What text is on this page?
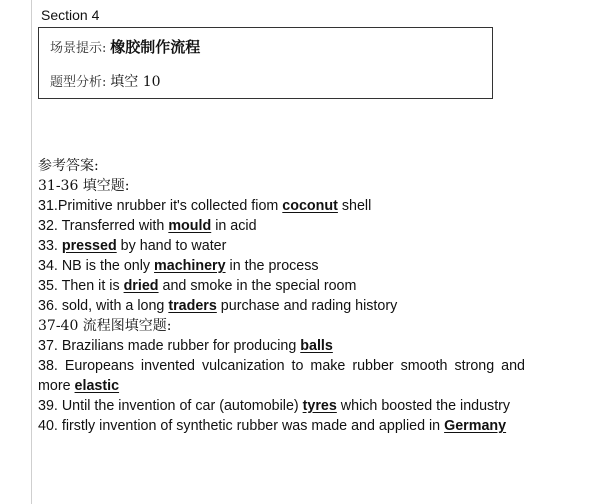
Section 4
场景提示: 橡胶制作流程
题型分析: 填空 10
参考答案:
31-36 填空题:
31.Primitive nrubber it's collected fiom coconut shell
32. Transferred with mould in acid
33. pressed by hand to water
34. NB is the only machinery in the process
35. Then it is dried and smoke in the special room
36. sold, with a long traders purchase and rading history
37-40 流程图填空题:
37. Brazilians made rubber for producing balls
38. Europeans invented vulcanization to make rubber smooth strong and more elastic
39. Until the invention of car (automobile) tyres which boosted the industry
40. firstly invention of synthetic rubber was made and applied in Germany
